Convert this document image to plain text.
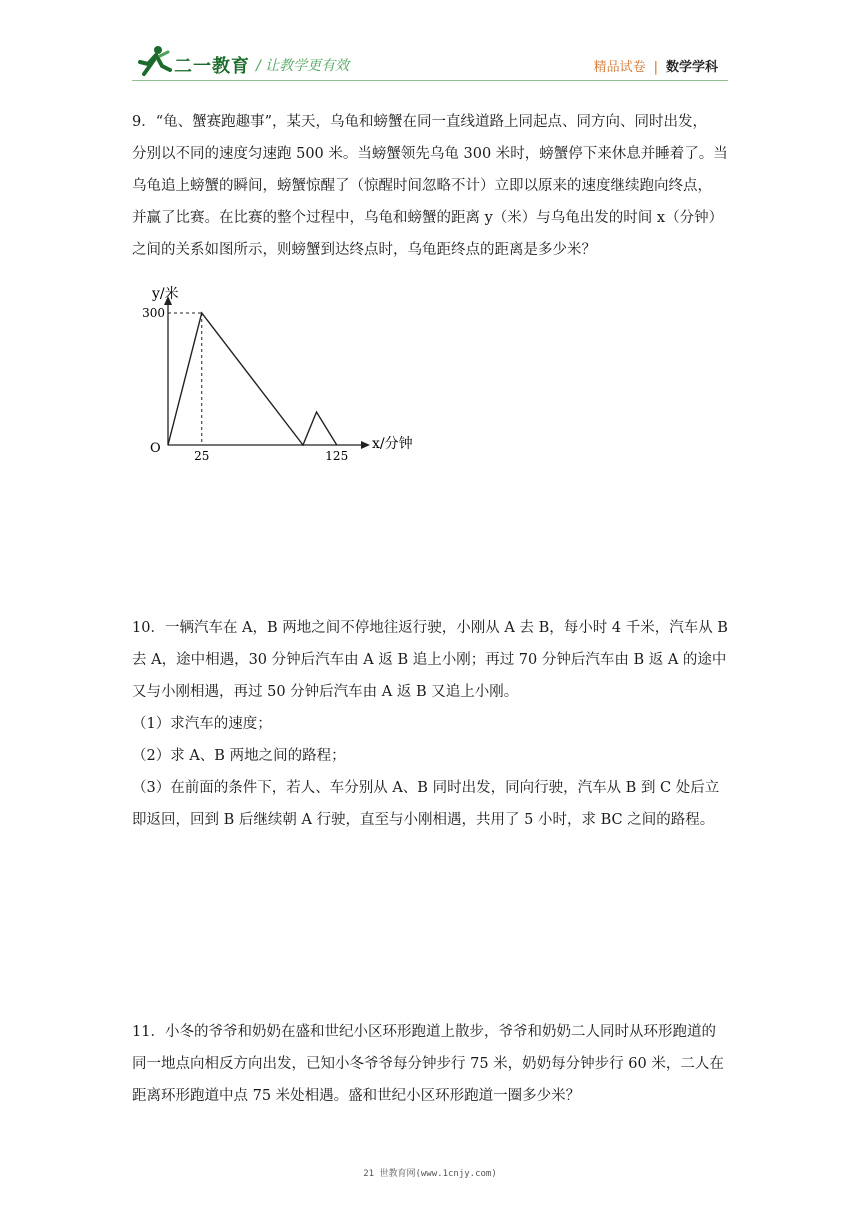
二一教育 / 让教学更有效	精品试卷 | 数学学科

9．“龟、蟹赛跑趣事”，某天，乌龟和螃蟹在同一直线道路上同起点、同方向、同时出发，

分别以不同的速度匀速跑 500 米。当螃蟹领先乌龟 300 米时，螃蟹停下来休息并睡着了。当

乌龟追上螃蟹的瞬间，螃蟹惊醒了（惊醒时间忽略不计）立即以原来的速度继续跑向终点，

并赢了比赛。在比赛的整个过程中，乌龟和螃蟹的距离 y（米）与乌龟出发的时间 x（分钟）

之间的关系如图所示，则螃蟹到达终点时，乌龟距终点的距离是多少米？

y/米
x/分钟
O
300
25	125

10．一辆汽车在 A，B 两地之间不停地往返行驶，小刚从 A 去 B，每小时 4 千米，汽车从 B

去 A，途中相遇，30 分钟后汽车由 A 返 B 追上小刚；再过 70 分钟后汽车由 B 返 A 的途中

又与小刚相遇，再过 50 分钟后汽车由 A 返 B 又追上小刚。

（1）求汽车的速度；

（2）求 A、B 两地之间的路程；

（3）在前面的条件下，若人、车分别从 A、B 同时出发，同向行驶，汽车从 B 到 C 处后立

即返回，回到 B 后继续朝 A 行驶，直至与小刚相遇，共用了 5 小时，求 BC 之间的路程。

11．小冬的爷爷和奶奶在盛和世纪小区环形跑道上散步，爷爷和奶奶二人同时从环形跑道的

同一地点向相反方向出发，已知小冬爷爷每分钟步行 75 米，奶奶每分钟步行 60 米，二人在

距离环形跑道中点 75 米处相遇。盛和世纪小区环形跑道一圈多少米？

21 世教育网(www.1cnjy.com)
